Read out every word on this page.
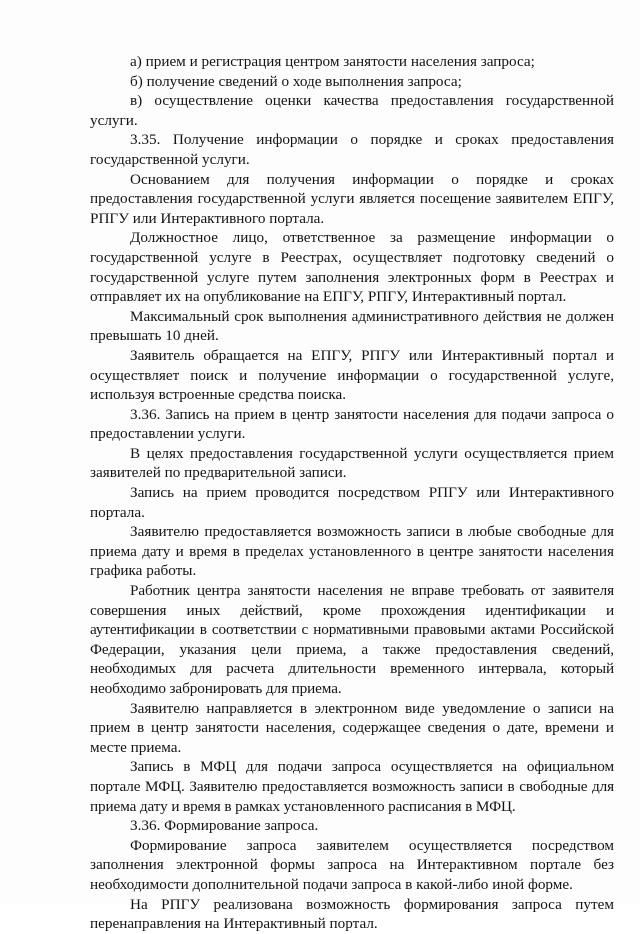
а) прием и регистрация центром занятости населения запроса;

б) получение сведений о ходе выполнения запроса;

в) осуществление оценки качества предоставления государственной услуги.

3.35. Получение информации о порядке и сроках предоставления государственной услуги.

Основанием для получения информации о порядке и сроках предоставления государственной услуги является посещение заявителем ЕПГУ, РПГУ или Интерактивного портала.

Должностное лицо, ответственное за размещение информации о государственной услуге в Реестрах, осуществляет подготовку сведений о государственной услуге путем заполнения электронных форм в Реестрах и отправляет их на опубликование на ЕПГУ, РПГУ, Интерактивный портал.

Максимальный срок выполнения административного действия не должен превышать 10 дней.

Заявитель обращается на ЕПГУ, РПГУ или Интерактивный портал и осуществляет поиск и получение информации о государственной услуге, используя встроенные средства поиска.

3.36. Запись на прием в центр занятости населения для подачи запроса о предоставлении услуги.

В целях предоставления государственной услуги осуществляется прием заявителей по предварительной записи.

Запись на прием проводится посредством РПГУ или Интерактивного портала.

Заявителю предоставляется возможность записи в любые свободные для приема дату и время в пределах установленного в центре занятости населения графика работы.

Работник центра занятости населения не вправе требовать от заявителя совершения иных действий, кроме прохождения идентификации и аутентификации в соответствии с нормативными правовыми актами Российской Федерации, указания цели приема, а также предоставления сведений, необходимых для расчета длительности временного интервала, который необходимо забронировать для приема.

Заявителю направляется в электронном виде уведомление о записи на прием в центр занятости населения, содержащее сведения о дате, времени и месте приема.

Запись в МФЦ для подачи запроса осуществляется на официальном портале МФЦ. Заявителю предоставляется возможность записи в свободные для приема дату и время в рамках установленного расписания в МФЦ.

3.36. Формирование запроса.

Формирование запроса заявителем осуществляется посредством заполнения электронной формы запроса на Интерактивном портале без необходимости дополнительной подачи запроса в какой-либо иной форме.

На РПГУ реализована возможность формирования запроса путем перенаправления на Интерактивный портал.
